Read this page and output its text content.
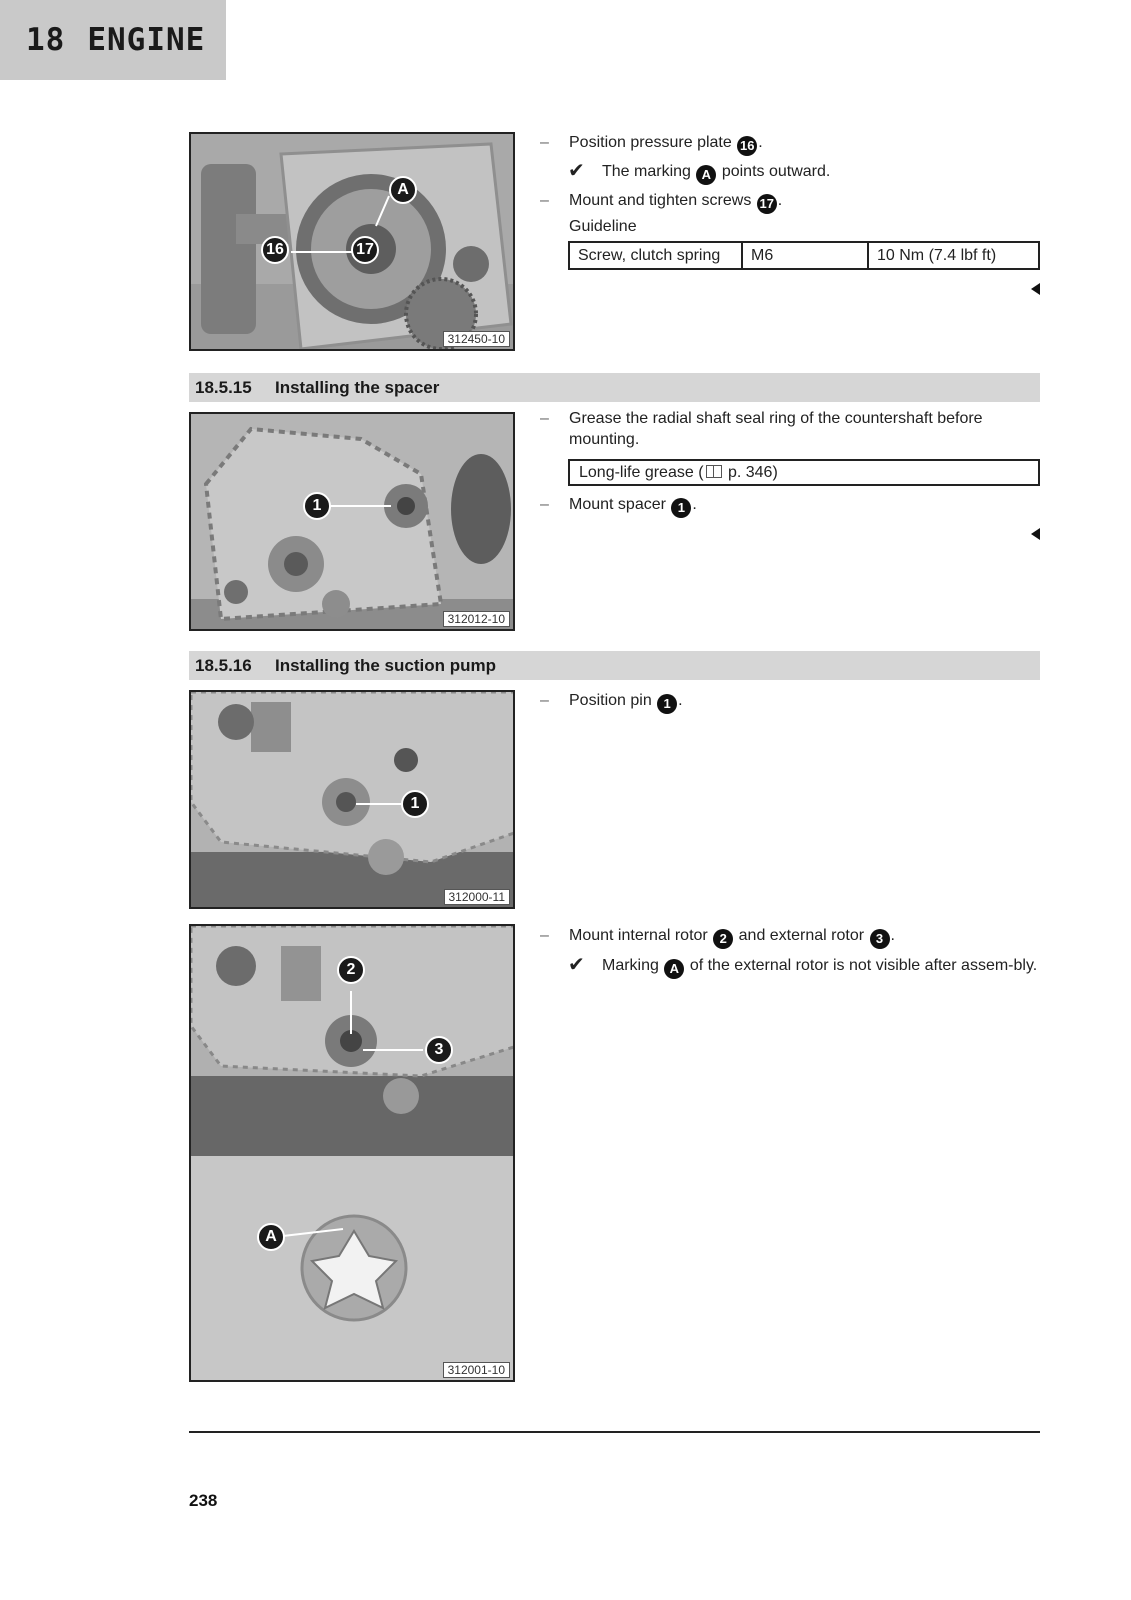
18 ENGINE
A
16	17
312450-10
– Position pressure plate 16 .
✔ The marking A points outward.
– Mount and tighten screws 17 .
Guideline
Screw, clutch spring	M6	10 Nm (7.4 lbf ft)
18.5.15 Installing the spacer
1
312012-10
– Grease the radial shaft seal ring of the countershaft before mounting.
Long-life grease ( p. 346)
– Mount spacer 1 .
18.5.16 Installing the suction pump
1
312000-11
– Position pin 1 .
2
3
A
312001-10
– Mount internal rotor 2 and external rotor 3 .
✔ Marking A of the external rotor is not visible after assem-bly.
238
